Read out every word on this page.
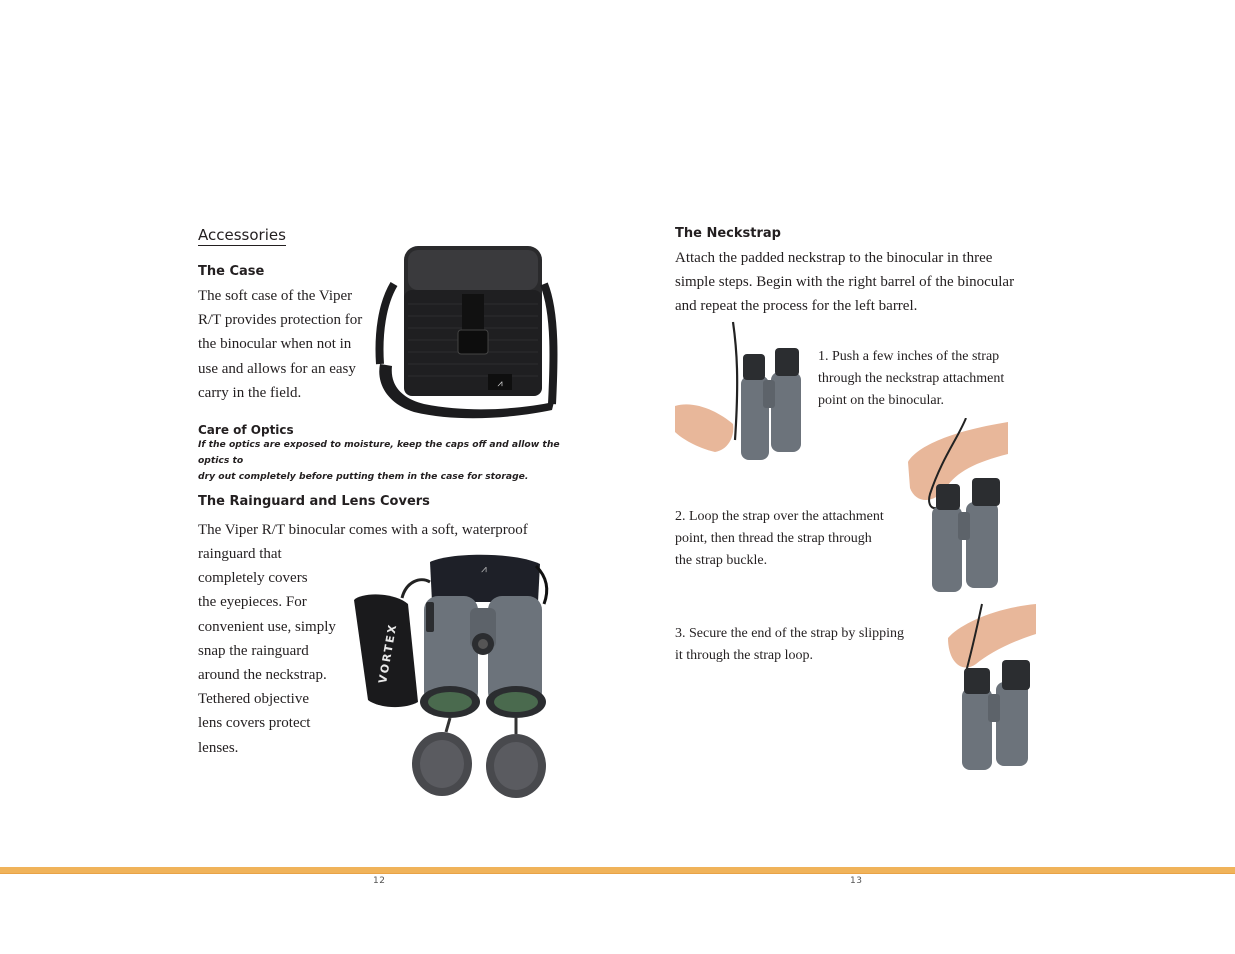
Accessories
The Case
The soft case of the Viper
R/T provides protection for
the binocular when not in
use and allows for an easy
carry in the field.
⩘
Care of Optics
If the optics are exposed to moisture, keep the caps off and allow the optics to
dry out completely before putting them in the case for storage.
The Rainguard and Lens Covers
The Viper R/T binocular comes with a soft, waterproof
rainguard that
completely covers
the eyepieces. For
convenient use, simply
snap the rainguard
around the neckstrap.
Tethered objective
lens covers protect
lenses.
VORTEX
⩘
The Neckstrap
Attach the padded neckstrap to the binocular in three
simple steps. Begin with the right barrel of the binocular
and repeat the process for the left barrel.
1. Push a few inches of the strap
through the neckstrap attachment
point on the binocular.
2. Loop the strap over the attachment
point, then thread the strap through
the strap buckle.
3. Secure the end of the strap by slipping
it through the strap loop.
12	13
